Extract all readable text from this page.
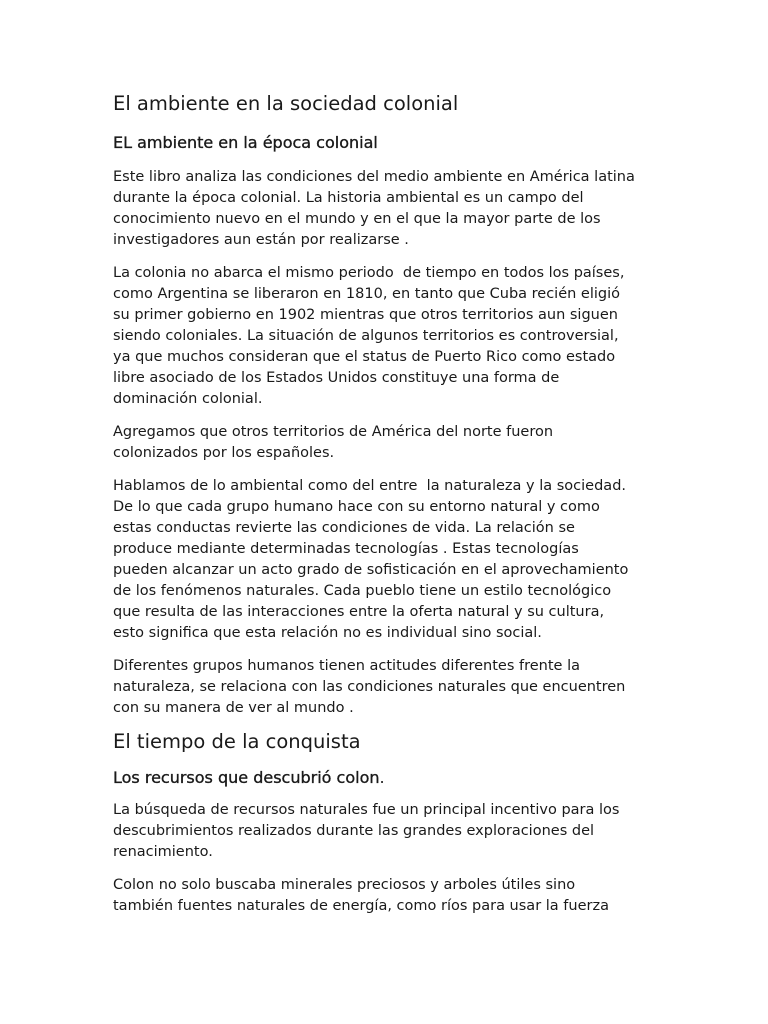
El ambiente en la sociedad colonial
EL ambiente en la época colonial

Este libro analiza las condiciones del medio ambiente en América latina
durante la época colonial. La historia ambiental es un campo del
conocimiento nuevo en el mundo y en el que la mayor parte de los
investigadores aun están por realizarse .

La colonia no abarca el mismo periodo  de tiempo en todos los países,
como Argentina se liberaron en 1810, en tanto que Cuba recién eligió
su primer gobierno en 1902 mientras que otros territorios aun siguen
siendo coloniales. La situación de algunos territorios es controversial,
ya que muchos consideran que el status de Puerto Rico como estado
libre asociado de los Estados Unidos constituye una forma de
dominación colonial.

Agregamos que otros territorios de América del norte fueron
colonizados por los españoles.

Hablamos de lo ambiental como del entre  la naturaleza y la sociedad.
De lo que cada grupo humano hace con su entorno natural y como
estas conductas revierte las condiciones de vida. La relación se
produce mediante determinadas tecnologías . Estas tecnologías
pueden alcanzar un acto grado de sofisticación en el aprovechamiento
de los fenómenos naturales. Cada pueblo tiene un estilo tecnológico
que resulta de las interacciones entre la oferta natural y su cultura,
esto significa que esta relación no es individual sino social.

Diferentes grupos humanos tienen actitudes diferentes frente la
naturaleza, se relaciona con las condiciones naturales que encuentren
con su manera de ver al mundo .

El tiempo de la conquista
Los recursos que descubrió colon.

La búsqueda de recursos naturales fue un principal incentivo para los
descubrimientos realizados durante las grandes exploraciones del
renacimiento.

Colon no solo buscaba minerales preciosos y arboles útiles sino
también fuentes naturales de energía, como ríos para usar la fuerza
